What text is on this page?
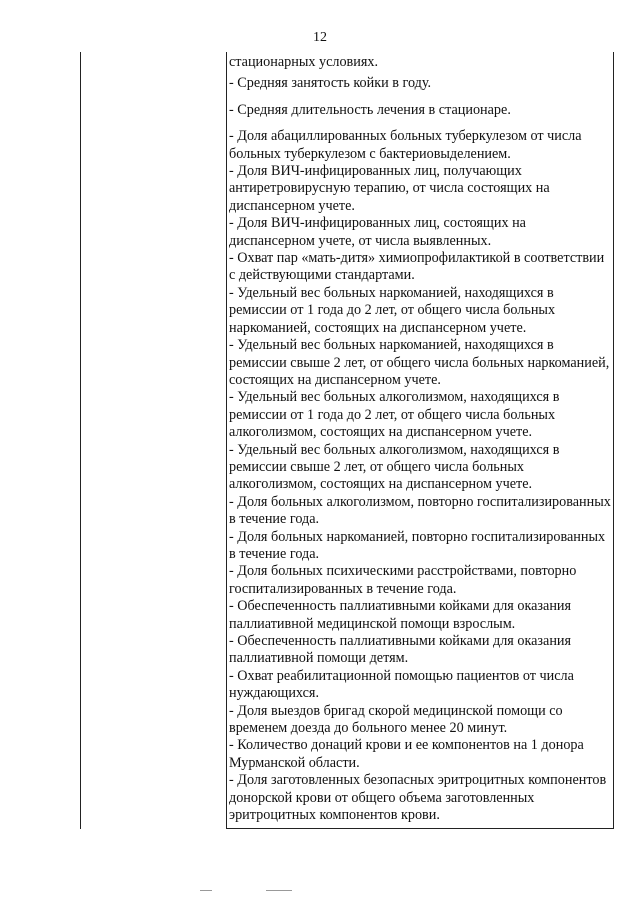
12

стационарных условиях.

- Средняя занятость койки в году.

- Средняя длительность лечения в стационаре.

- Доля абациллированных больных туберкулезом от числа больных туберкулезом с бактериовыделением.

- Доля ВИЧ-инфицированных лиц, получающих антиретровирусную терапию, от числа состоящих на диспансерном учете.

- Доля ВИЧ-инфицированных лиц, состоящих на диспансерном учете, от числа выявленных.

- Охват пар «мать-дитя» химиопрофилактикой в соответствии с действующими стандартами.

- Удельный вес больных наркоманией, находящихся в ремиссии от 1 года до 2 лет, от общего числа больных наркоманией, состоящих на диспансерном учете.

- Удельный вес больных наркоманией, находящихся в ремиссии свыше 2 лет, от общего числа больных наркоманией, состоящих на диспансерном учете.

- Удельный вес больных алкоголизмом, находящихся в ремиссии от 1 года до 2 лет, от общего числа больных алкоголизмом, состоящих на диспансерном учете.

- Удельный вес больных алкоголизмом, находящихся в ремиссии свыше 2 лет, от общего числа больных алкоголизмом, состоящих на диспансерном учете.

- Доля больных алкоголизмом, повторно госпитализированных в течение года.

- Доля больных наркоманией, повторно госпитализированных в течение года.

- Доля больных психическими расстройствами, повторно госпитализированных в течение года.

- Обеспеченность паллиативными койками для оказания паллиативной медицинской помощи взрослым.

- Обеспеченность паллиативными койками для оказания паллиативной помощи детям.

- Охват реабилитационной помощью пациентов от числа нуждающихся.

- Доля выездов бригад скорой медицинской помощи со временем доезда до больного менее 20 минут.

- Количество донаций крови и ее компонентов на 1 донора Мурманской области.

- Доля заготовленных безопасных эритроцитных компонентов донорской крови от общего объема заготовленных эритроцитных компонентов крови.
